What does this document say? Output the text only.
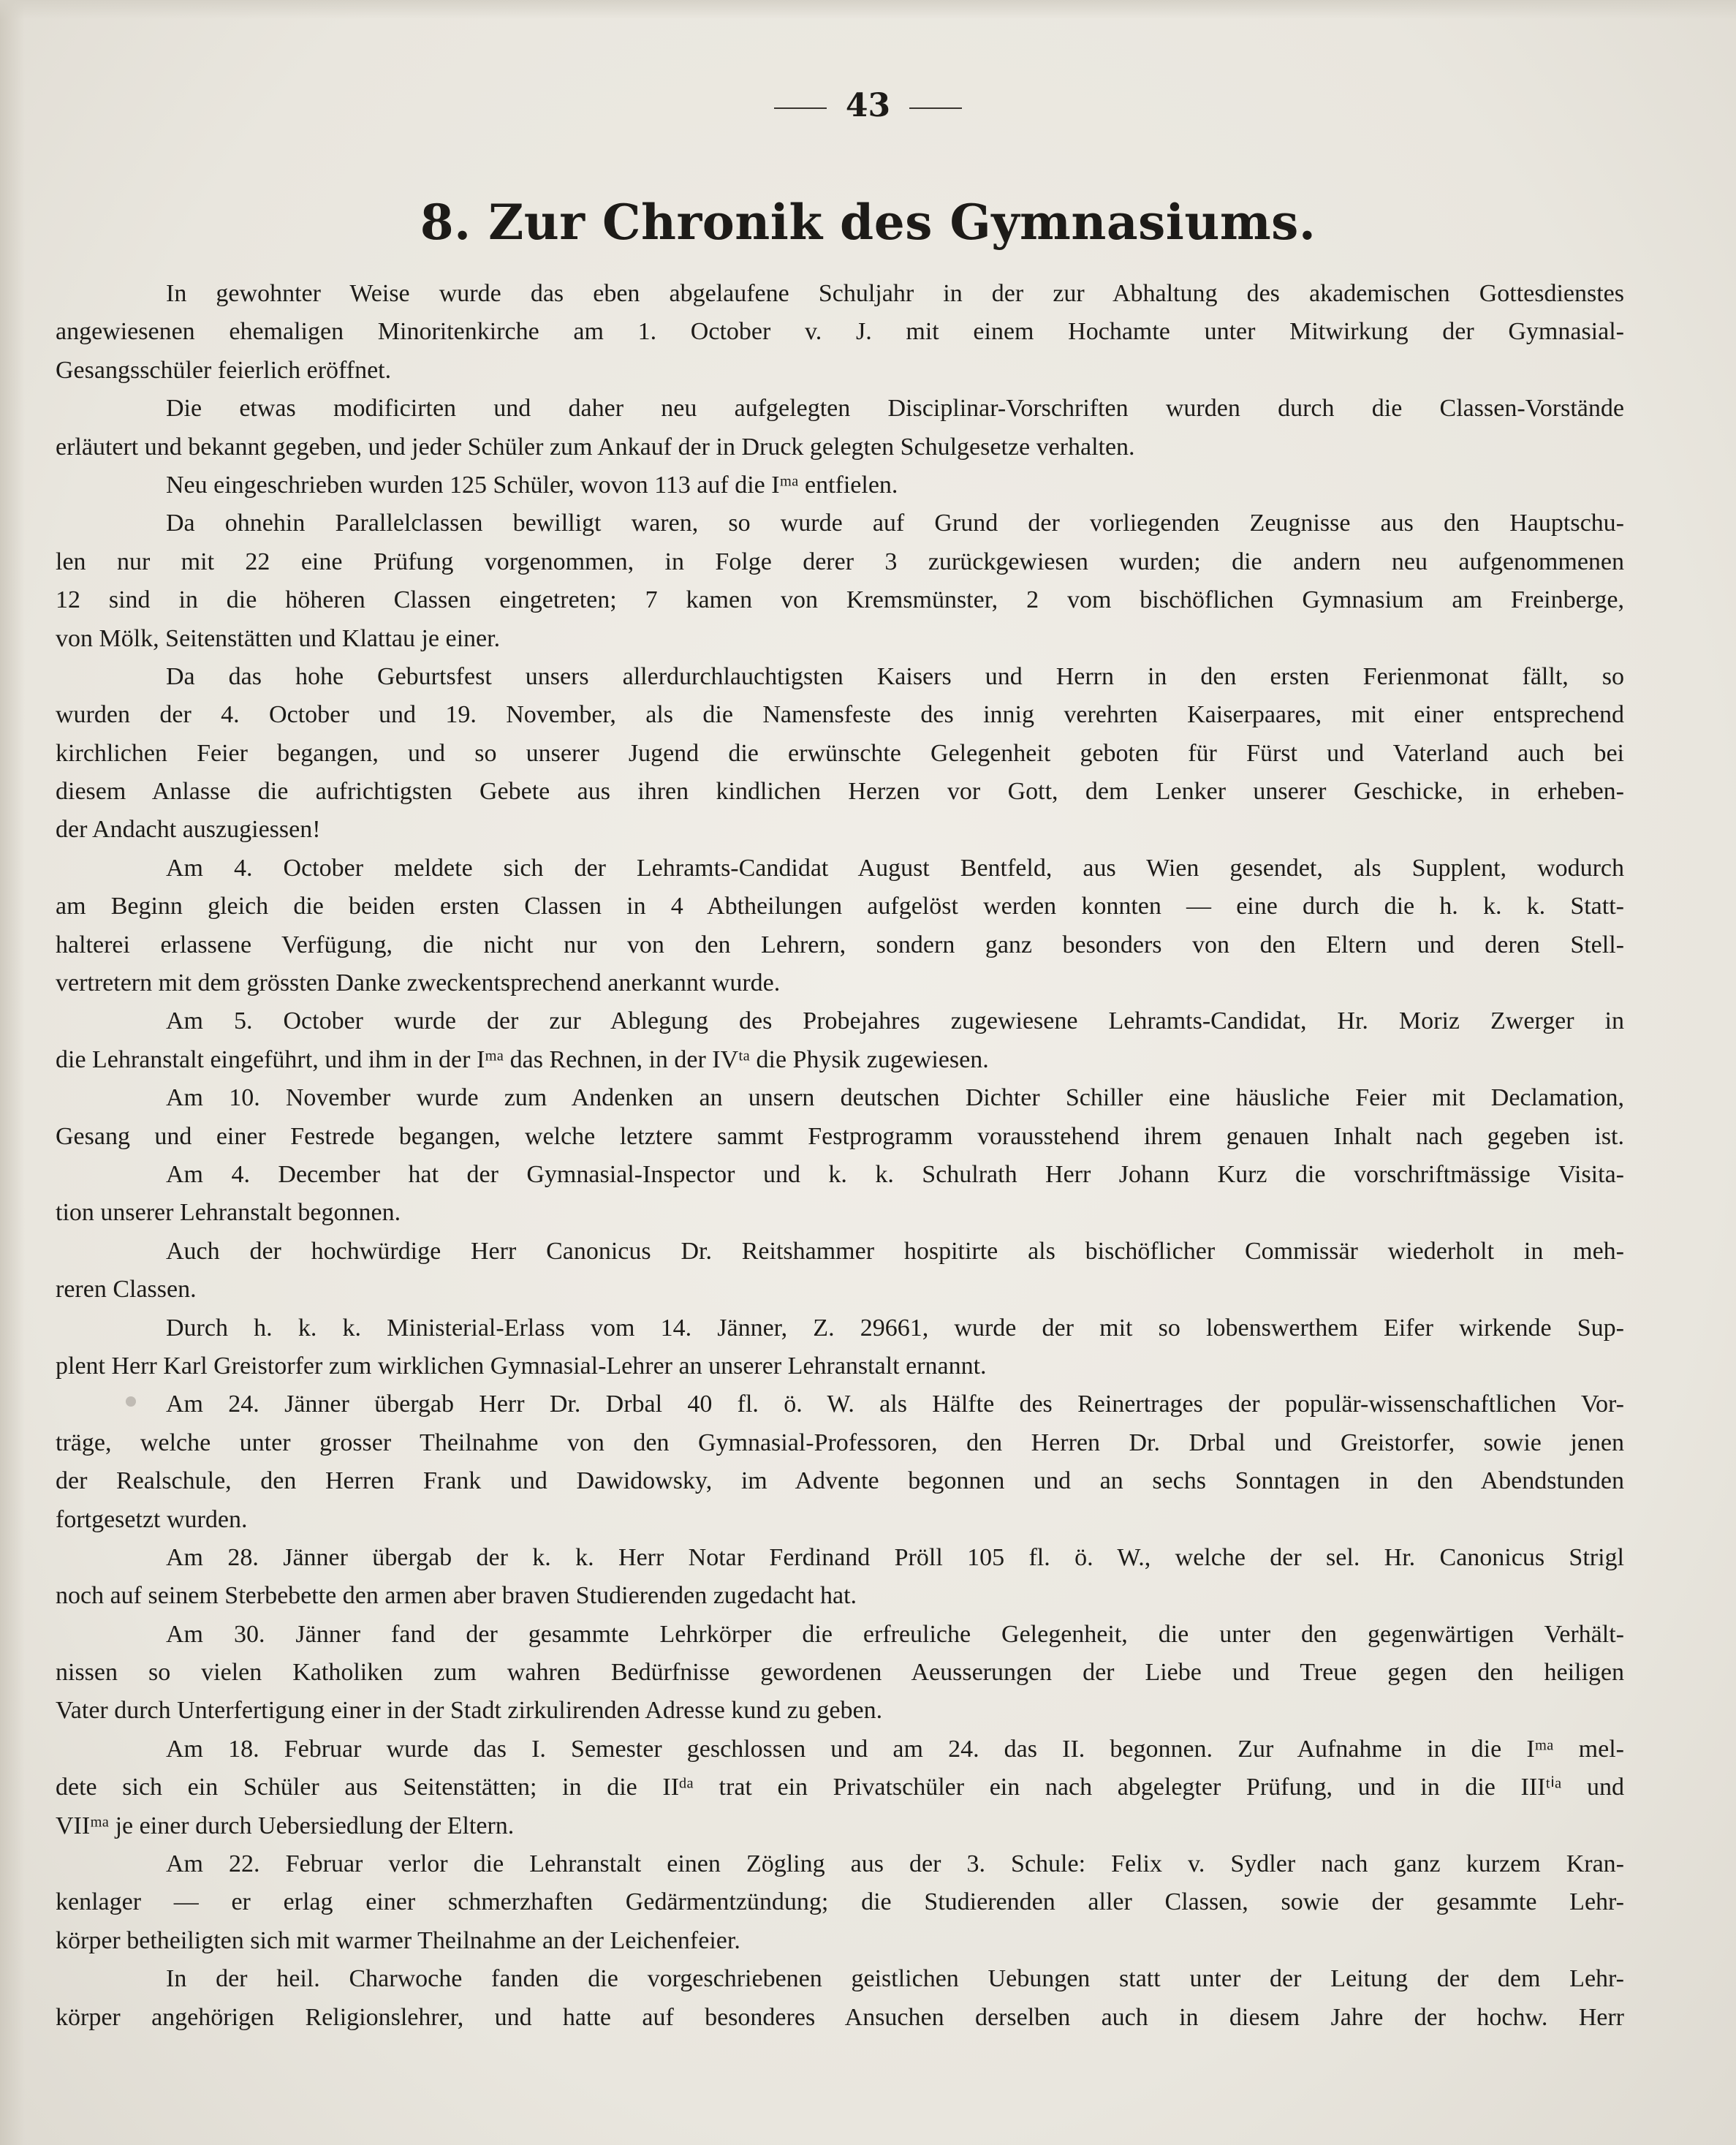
43
8. Zur Chronik des Gymnasiums.
In gewohnter Weise wurde das eben abgelaufene Schuljahr in der zur Abhaltung des akademischen Gottesdienstes
angewiesenen ehemaligen Minoritenkirche am 1. October v. J. mit einem Hochamte unter Mitwirkung der Gymnasial-
Gesangsschüler feierlich eröffnet.
Die etwas modificirten und daher neu aufgelegten Disciplinar-Vorschriften wurden durch die Classen-Vorstände
erläutert und bekannt gegeben, und jeder Schüler zum Ankauf der in Druck gelegten Schulgesetze verhalten.
Neu eingeschrieben wurden 125 Schüler, wovon 113 auf die Iᵐᵃ entfielen.
Da ohnehin Parallelclassen bewilligt waren, so wurde auf Grund der vorliegenden Zeugnisse aus den Hauptschu-
len nur mit 22 eine Prüfung vorgenommen, in Folge derer 3 zurückgewiesen wurden; die andern neu aufgenommenen
12 sind in die höheren Classen eingetreten; 7 kamen von Kremsmünster, 2 vom bischöflichen Gymnasium am Freinberge,
von Mölk, Seitenstätten und Klattau je einer.
Da das hohe Geburtsfest unsers allerdurchlauchtigsten Kaisers und Herrn in den ersten Ferienmonat fällt, so
wurden der 4. October und 19. November, als die Namensfeste des innig verehrten Kaiserpaares, mit einer entsprechend
kirchlichen Feier begangen, und so unserer Jugend die erwünschte Gelegenheit geboten für Fürst und Vaterland auch bei
diesem Anlasse die aufrichtigsten Gebete aus ihren kindlichen Herzen vor Gott, dem Lenker unserer Geschicke, in erheben-
der Andacht auszugiessen!
Am 4. October meldete sich der Lehramts-Candidat August Bentfeld, aus Wien gesendet, als Supplent, wodurch
am Beginn gleich die beiden ersten Classen in 4 Abtheilungen aufgelöst werden konnten — eine durch die h. k. k. Statt-
halterei erlassene Verfügung, die nicht nur von den Lehrern, sondern ganz besonders von den Eltern und deren Stell-
vertretern mit dem grössten Danke zweckentsprechend anerkannt wurde.
Am 5. October wurde der zur Ablegung des Probejahres zugewiesene Lehramts-Candidat, Hr. Moriz Zwerger in
die Lehranstalt eingeführt, und ihm in der Iᵐᵃ das Rechnen, in der IVᵗᵃ die Physik zugewiesen.
Am 10. November wurde zum Andenken an unsern deutschen Dichter Schiller eine häusliche Feier mit Declamation,
Gesang und einer Festrede begangen, welche letztere sammt Festprogramm vorausstehend ihrem genauen Inhalt nach gegeben ist.
Am 4. December hat der Gymnasial-Inspector und k. k. Schulrath Herr Johann Kurz die vorschriftmässige Visita-
tion unserer Lehranstalt begonnen.
Auch der hochwürdige Herr Canonicus Dr. Reitshammer hospitirte als bischöflicher Commissär wiederholt in meh-
reren Classen.
Durch h. k. k. Ministerial-Erlass vom 14. Jänner, Z. 29661, wurde der mit so lobenswerthem Eifer wirkende Sup-
plent Herr Karl Greistorfer zum wirklichen Gymnasial-Lehrer an unserer Lehranstalt ernannt.
Am 24. Jänner übergab Herr Dr. Drbal 40 fl. ö. W. als Hälfte des Reinertrages der populär-wissenschaftlichen Vor-
träge, welche unter grosser Theilnahme von den Gymnasial-Professoren, den Herren Dr. Drbal und Greistorfer, sowie jenen
der Realschule, den Herren Frank und Dawidowsky, im Advente begonnen und an sechs Sonntagen in den Abendstunden
fortgesetzt wurden.
Am 28. Jänner übergab der k. k. Herr Notar Ferdinand Pröll 105 fl. ö. W., welche der sel. Hr. Canonicus Strigl
noch auf seinem Sterbebette den armen aber braven Studierenden zugedacht hat.
Am 30. Jänner fand der gesammte Lehrkörper die erfreuliche Gelegenheit, die unter den gegenwärtigen Verhält-
nissen so vielen Katholiken zum wahren Bedürfnisse gewordenen Aeusserungen der Liebe und Treue gegen den heiligen
Vater durch Unterfertigung einer in der Stadt zirkulirenden Adresse kund zu geben.
Am 18. Februar wurde das I. Semester geschlossen und am 24. das II. begonnen. Zur Aufnahme in die Iᵐᵃ mel-
dete sich ein Schüler aus Seitenstätten; in die IIᵈᵃ trat ein Privatschüler ein nach abgelegter Prüfung, und in die IIIᵗⁱᵃ und
VIIᵐᵃ je einer durch Uebersiedlung der Eltern.
Am 22. Februar verlor die Lehranstalt einen Zögling aus der 3. Schule: Felix v. Sydler nach ganz kurzem Kran-
kenlager — er erlag einer schmerzhaften Gedärmentzündung; die Studierenden aller Classen, sowie der gesammte Lehr-
körper betheiligten sich mit warmer Theilnahme an der Leichenfeier.
In der heil. Charwoche fanden die vorgeschriebenen geistlichen Uebungen statt unter der Leitung der dem Lehr-
körper angehörigen Religionslehrer, und hatte auf besonderes Ansuchen derselben auch in diesem Jahre der hochw. Herr
